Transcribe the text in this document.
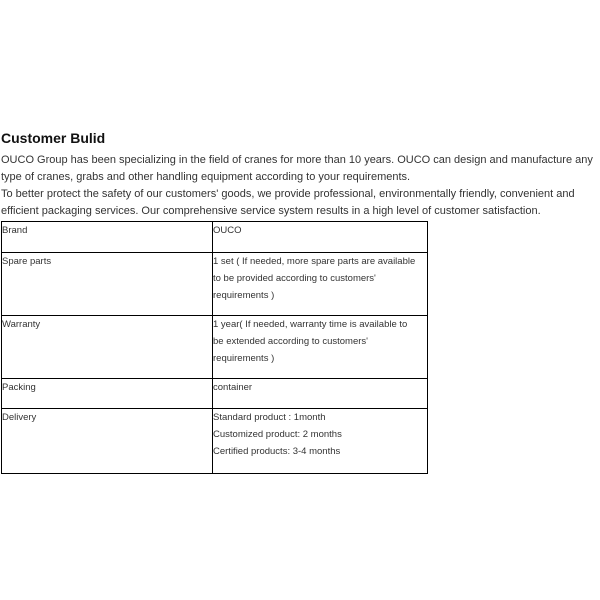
Customer Bulid

OUCO Group has been specializing in the field of cranes for more than 10 years. OUCO can design and manufacture any type of cranes, grabs and other handling equipment according to your requirements.

To better protect the safety of our customers' goods, we provide professional, environmentally friendly, convenient and efficient packaging services. Our comprehensive service system results in a high level of customer satisfaction.

Brand	OUCO

Spare parts	1 set ( If needed, more spare parts are available
to be provided according to customers'
requirements )

Warranty	1 year( If needed, warranty time is available to
be extended according to customers'
requirements )

Packing	container

Delivery	Standard product : 1month
Customized product: 2 months
Certified products: 3-4 months
